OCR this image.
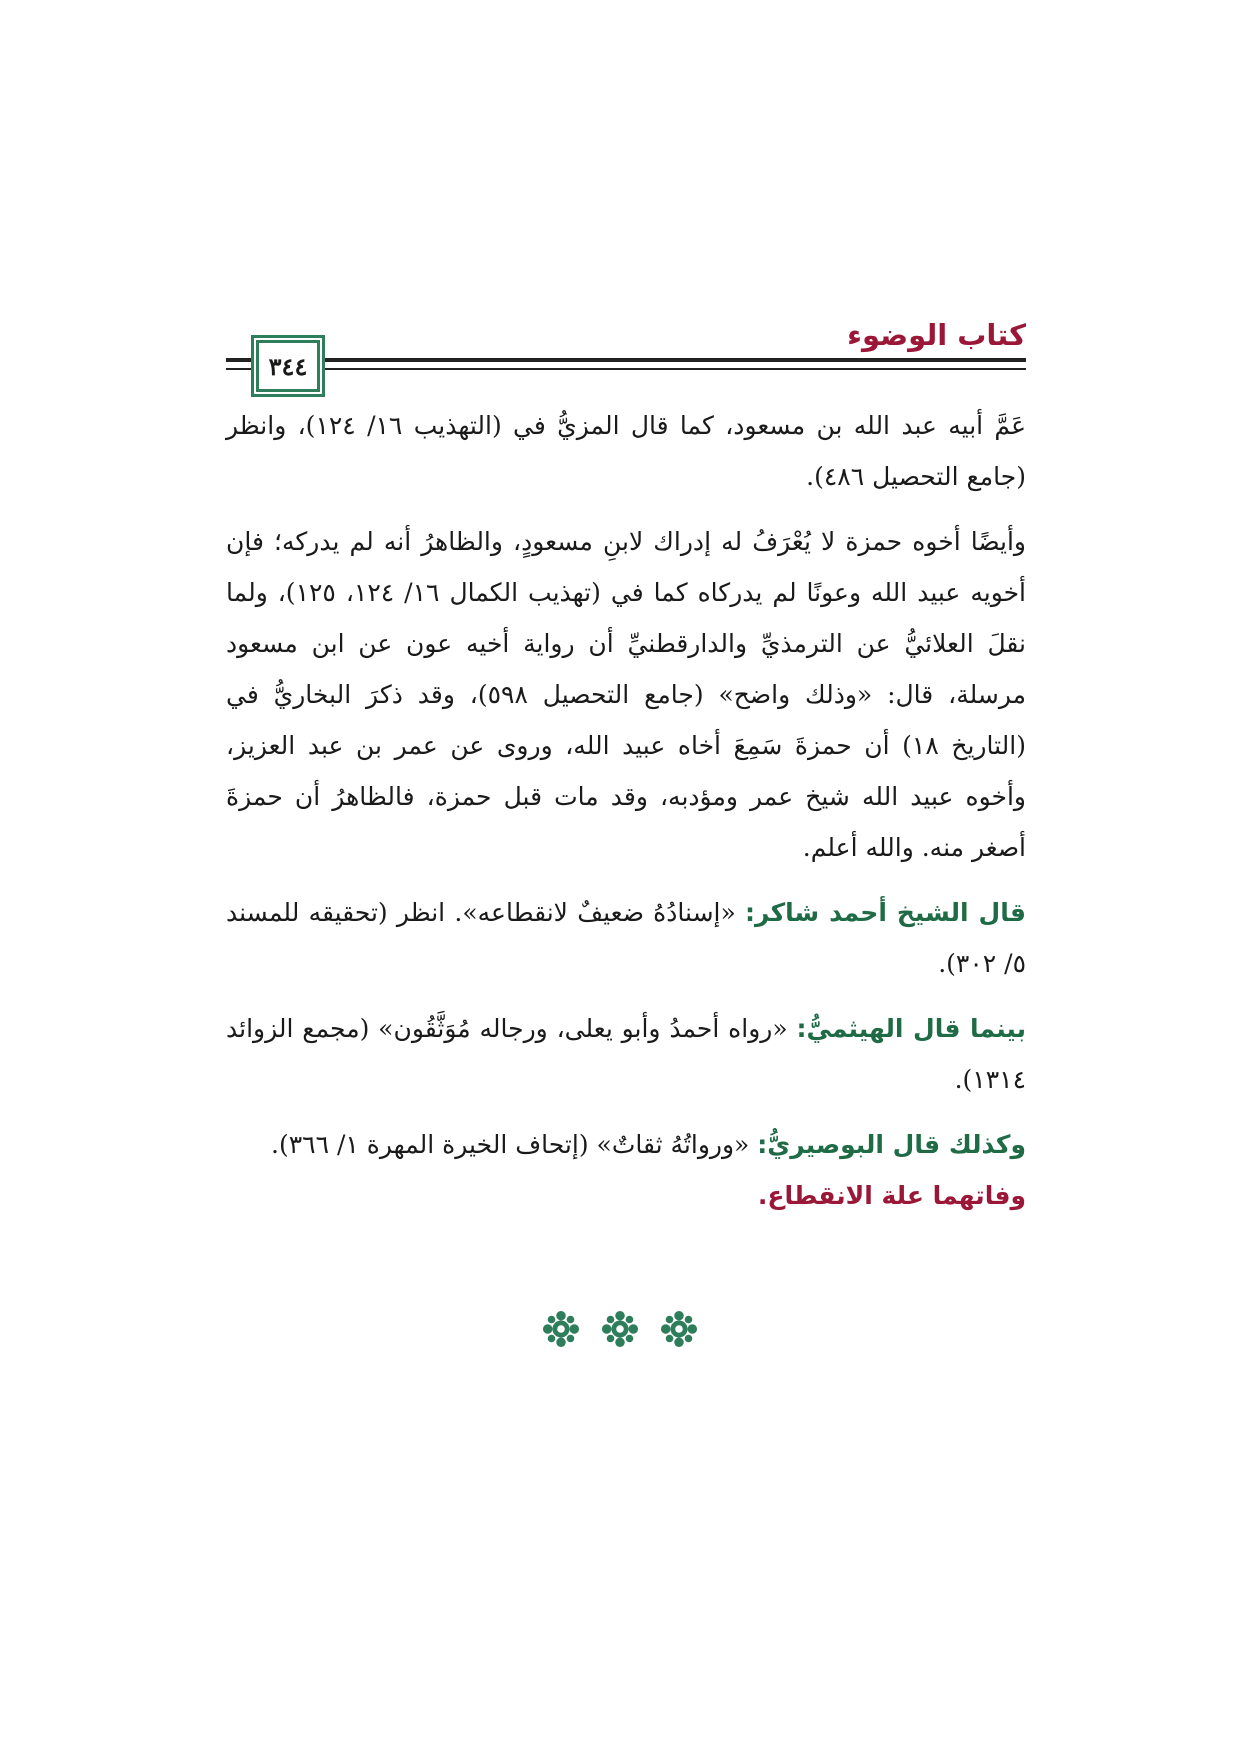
كتاب الوضوء
٣٤٤

عَمَّ أبيه عبد الله بن مسعود، كما قال المزيُّ في (التهذيب ١٦/ ١٢٤)، وانظر (جامع التحصيل ٤٨٦).

وأيضًا أخوه حمزة لا يُعْرَفُ له إدراك لابنِ مسعودٍ، والظاهرُ أنه لم يدركه؛ فإن أخويه عبيد الله وعونًا لم يدركاه كما في (تهذيب الكمال ١٦/ ١٢٤، ١٢٥)، ولما نقلَ العلائيُّ عن الترمذيِّ والدارقطنيِّ أن رواية أخيه عون عن ابن مسعود مرسلة، قال: «وذلك واضح» (جامع التحصيل ٥٩٨)، وقد ذكرَ البخاريُّ في (التاريخ ١٨) أن حمزةَ سَمِعَ أخاه عبيد الله، وروى عن عمر بن عبد العزيز، وأخوه عبيد الله شيخ عمر ومؤدبه، وقد مات قبل حمزة، فالظاهرُ أن حمزةَ أصغر منه. والله أعلم.

قال الشيخ أحمد شاكر: «إسنادُهُ ضعيفٌ لانقطاعه». انظر (تحقيقه للمسند ٥/ ٣٠٢).

بينما قال الهيثميُّ: «رواه أحمدُ وأبو يعلى، ورجاله مُوَثَّقُون» (مجمع الزوائد ١٣١٤).

وكذلك قال البوصيريُّ: «ورواتُهُ ثقاتٌ» (إتحاف الخيرة المهرة ١/ ٣٦٦).

وفاتهما علة الانقطاع.
